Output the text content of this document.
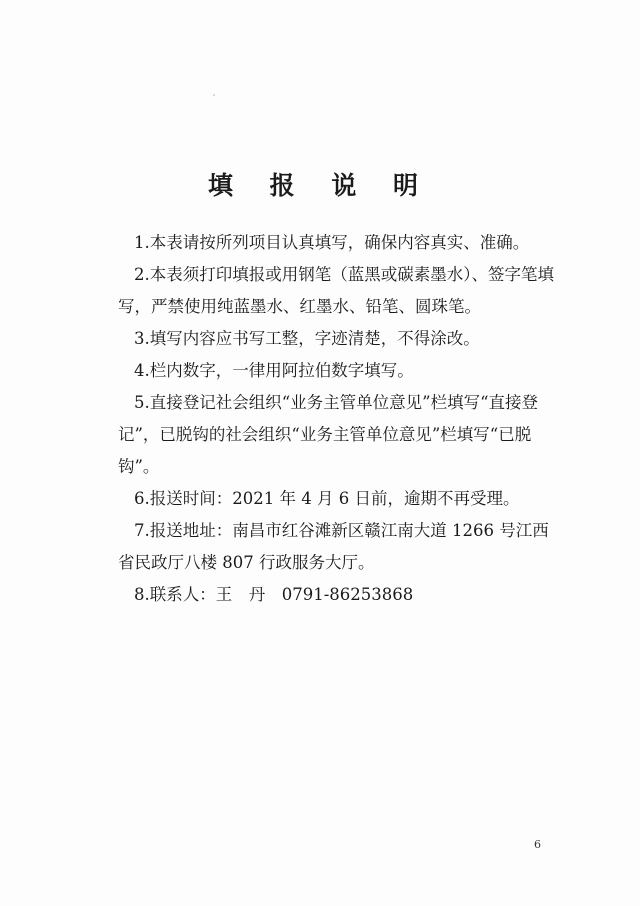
填 报 说 明

1.本表请按所列项目认真填写，确保内容真实、准确。

2.本表须打印填报或用钢笔（蓝黑或碳素墨水）、签字笔填写，严禁使用纯蓝墨水、红墨水、铅笔、圆珠笔。

3.填写内容应书写工整，字迹清楚，不得涂改。

4.栏内数字，一律用阿拉伯数字填写。

5.直接登记社会组织“业务主管单位意见”栏填写“直接登记”，已脱钩的社会组织“业务主管单位意见”栏填写“已脱钩”。

6.报送时间：2021 年 4 月 6 日前，逾期不再受理。

7.报送地址：南昌市红谷滩新区赣江南大道 1266 号江西省民政厅八楼 807 行政服务大厅。

8.联系人：王　丹　0791-86253868

6
